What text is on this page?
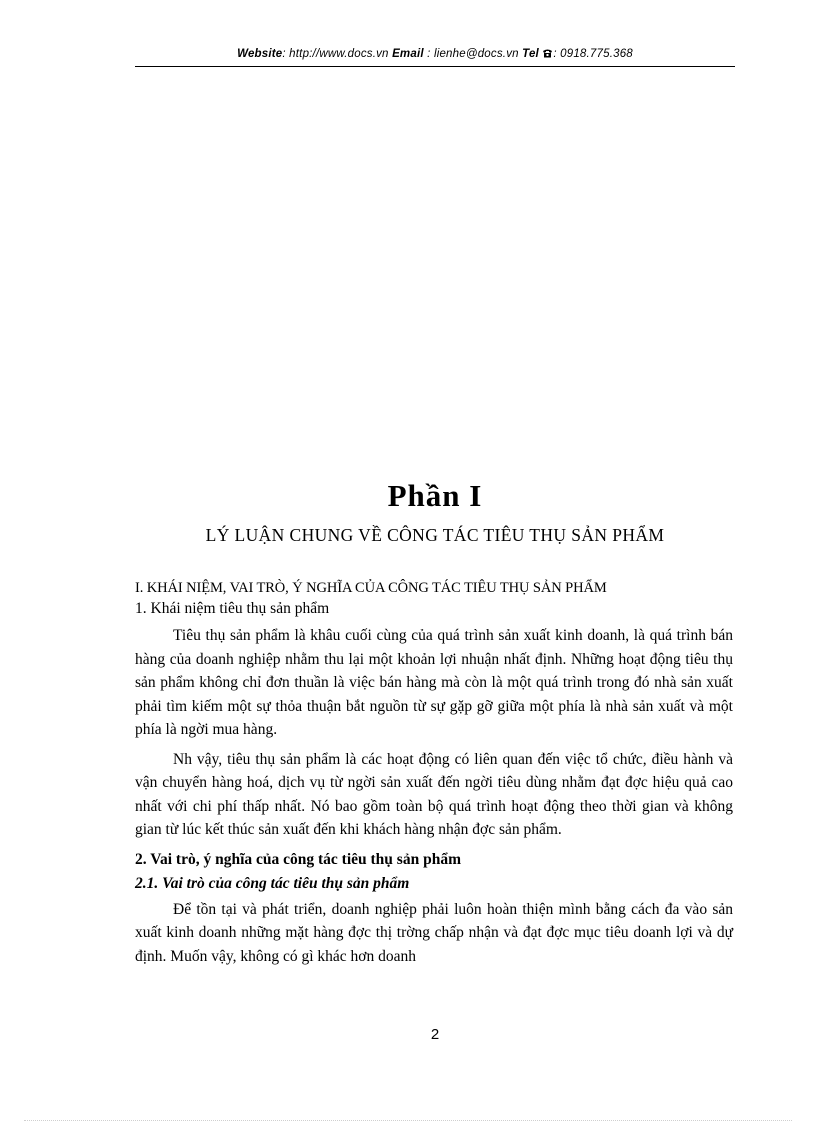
Website: http://www.docs.vn Email : lienhe@docs.vn Tel : 0918.775.368
Phần I
LÝ LUẬN CHUNG VỀ CÔNG TÁC TIÊU THỤ SẢN PHẨM

I. KHÁI NIỆM, VAI TRÒ, Ý NGHĨA CỦA CÔNG TÁC TIÊU THỤ SẢN PHẨM

1. Khái niệm tiêu thụ sản phẩm

Tiêu thụ sản phẩm là khâu cuối cùng của quá trình sản xuất kinh doanh, là quá trình bán hàng của doanh nghiệp nhằm thu lại một khoản lợi nhuận nhất định. Những hoạt động tiêu thụ sản phẩm không chỉ đơn thuần là việc bán hàng mà còn là một quá trình trong đó nhà sản xuất phải tìm kiếm một sự thỏa thuận bắt nguồn từ sự gặp gỡ giữa một phía là nhà sản xuất và một phía là ngời mua hàng.

Nh vậy, tiêu thụ sản phẩm là các hoạt động có liên quan đến việc tổ chức, điều hành và vận chuyển hàng hoá, dịch vụ từ ngời sản xuất đến ngời tiêu dùng nhằm đạt đợc hiệu quả cao nhất với chi phí thấp nhất. Nó bao gồm toàn bộ quá trình hoạt động theo thời gian và không gian từ lúc kết thúc sản xuất đến khi khách hàng nhận đợc sản phẩm.

2. Vai trò, ý nghĩa của công tác tiêu thụ sản phẩm

2.1. Vai trò của công tác tiêu thụ sản phẩm

Để tồn tại và phát triển, doanh nghiệp phải luôn hoàn thiện mình bằng cách đa vào sản xuất kinh doanh những mặt hàng đợc thị trờng chấp nhận và đạt đợc mục tiêu doanh lợi và dự định. Muốn vậy, không có gì khác hơn doanh

2
